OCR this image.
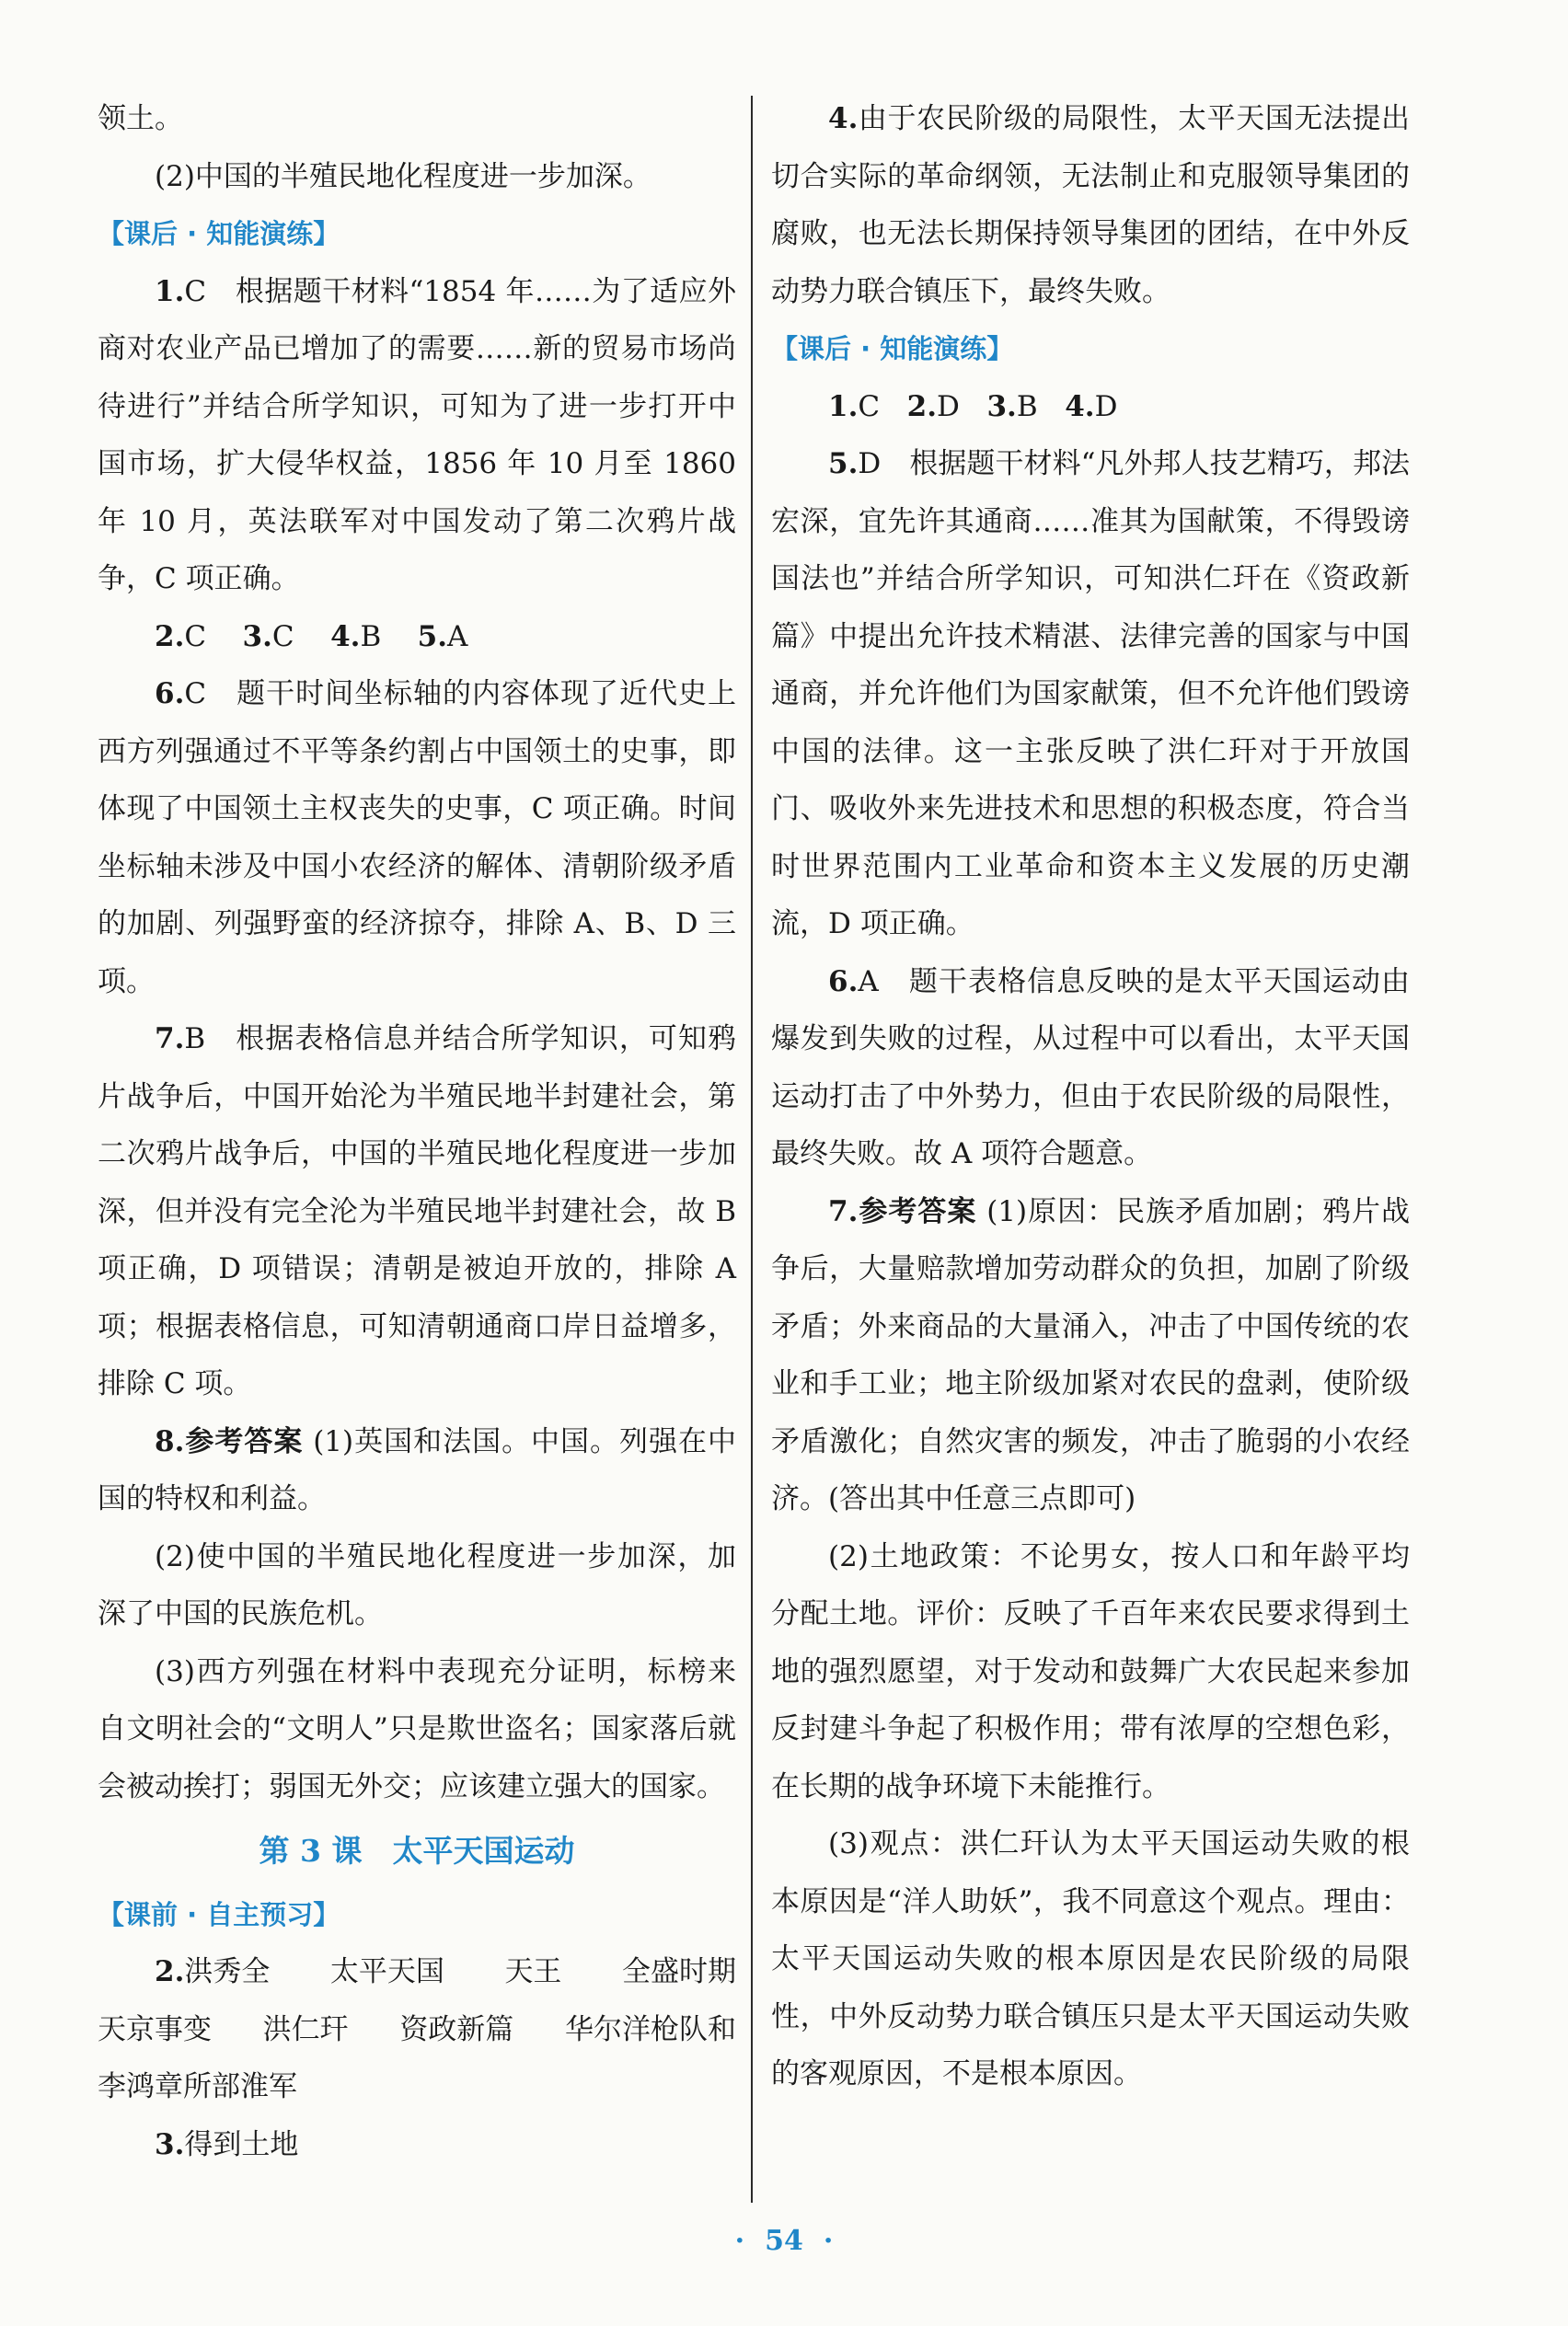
领土。

(2)中国的半殖民地化程度进一步加深。

【课后 · 知能演练】

1.C　根据题干材料“1854 年……为了适应外商对农业产品已增加了的需要……新的贸易市场尚待进行”并结合所学知识，可知为了进一步打开中国市场，扩大侵华权益，1856 年 10 月至 1860 年 10 月，英法联军对中国发动了第二次鸦片战争，C 项正确。

2.C 3.C 4.B 5.A

6.C　题干时间坐标轴的内容体现了近代史上西方列强通过不平等条约割占中国领土的史事，即体现了中国领土主权丧失的史事，C 项正确。时间坐标轴未涉及中国小农经济的解体、清朝阶级矛盾的加剧、列强野蛮的经济掠夺，排除 A、B、D 三项。

7.B　根据表格信息并结合所学知识，可知鸦片战争后，中国开始沦为半殖民地半封建社会，第二次鸦片战争后，中国的半殖民地化程度进一步加深，但并没有完全沦为半殖民地半封建社会，故 B 项正确，D 项错误；清朝是被迫开放的，排除 A 项；根据表格信息，可知清朝通商口岸日益增多，排除 C 项。

8.参考答案 (1)英国和法国。中国。列强在中国的特权和利益。

(2)使中国的半殖民地化程度进一步加深，加深了中国的民族危机。

(3)西方列强在材料中表现充分证明，标榜来自文明社会的“文明人”只是欺世盗名；国家落后就会被动挨打；弱国无外交；应该建立强大的国家。

第 3 课　太平天国运动

【课前 · 自主预习】

2.洪秀全 太平天国 天王 全盛时期
天京事变 洪仁玕 资政新篇 华尔洋枪队和

李鸿章所部淮军

3.得到土地

4.由于农民阶级的局限性，太平天国无法提出切合实际的革命纲领，无法制止和克服领导集团的腐败，也无法长期保持领导集团的团结，在中外反动势力联合镇压下，最终失败。

【课后 · 知能演练】

1.C 2.D 3.B 4.D

5.D　根据题干材料“凡外邦人技艺精巧，邦法宏深，宜先许其通商……准其为国献策，不得毁谤国法也”并结合所学知识，可知洪仁玕在《资政新篇》中提出允许技术精湛、法律完善的国家与中国通商，并允许他们为国家献策，但不允许他们毁谤中国的法律。这一主张反映了洪仁玕对于开放国门、吸收外来先进技术和思想的积极态度，符合当时世界范围内工业革命和资本主义发展的历史潮流，D 项正确。

6.A　题干表格信息反映的是太平天国运动由爆发到失败的过程，从过程中可以看出，太平天国运动打击了中外势力，但由于农民阶级的局限性，最终失败。故 A 项符合题意。

7.参考答案 (1)原因：民族矛盾加剧；鸦片战争后，大量赔款增加劳动群众的负担，加剧了阶级矛盾；外来商品的大量涌入，冲击了中国传统的农业和手工业；地主阶级加紧对农民的盘剥，使阶级矛盾激化；自然灾害的频发，冲击了脆弱的小农经济。(答出其中任意三点即可)

(2)土地政策：不论男女，按人口和年龄平均分配土地。评价：反映了千百年来农民要求得到土地的强烈愿望，对于发动和鼓舞广大农民起来参加反封建斗争起了积极作用；带有浓厚的空想色彩，在长期的战争环境下未能推行。

(3)观点：洪仁玕认为太平天国运动失败的根本原因是“洋人助妖”，我不同意这个观点。理由：太平天国运动失败的根本原因是农民阶级的局限性，中外反动势力联合镇压只是太平天国运动失败的客观原因，不是根本原因。

· 54 ·
